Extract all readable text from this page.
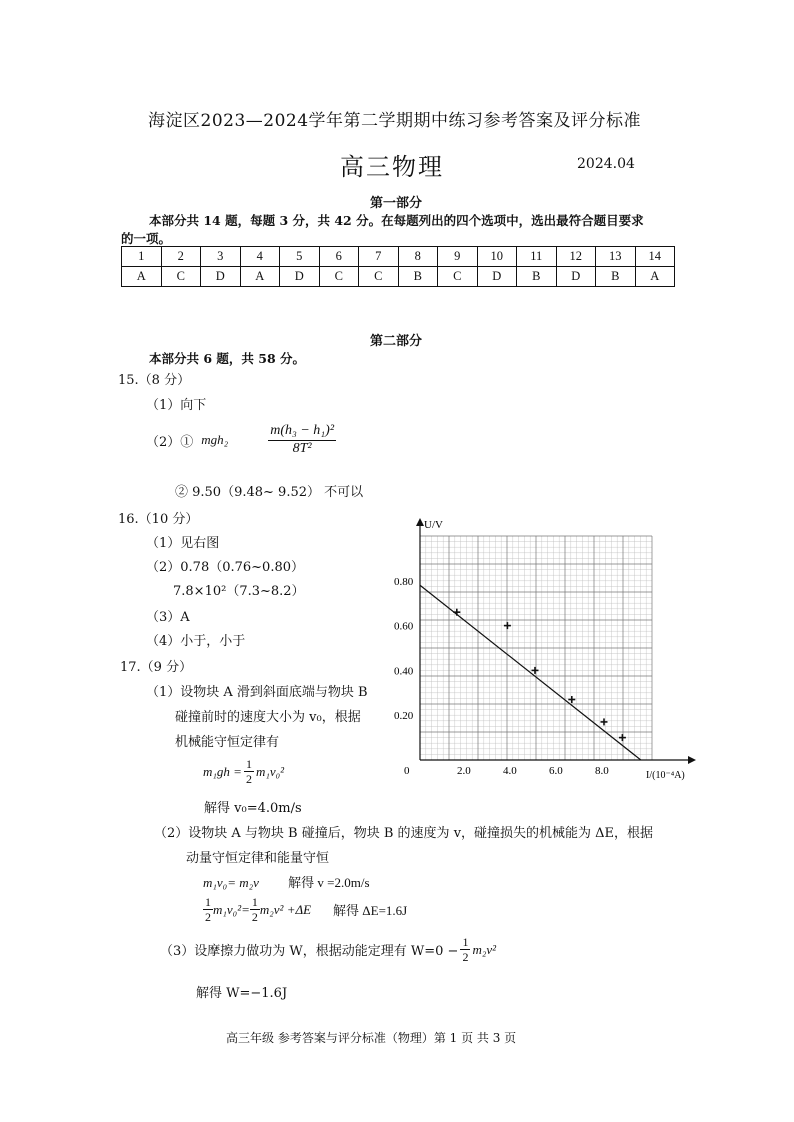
海淀区2023—2024学年第二学期期中练习参考答案及评分标准
高三物理	2024.04
第一部分
本部分共 14 题，每题 3 分，共 42 分。在每题列出的四个选项中，选出最符合题目要求
的一项。
1	2	3	4	5	6	7	8	9	10	11	12	13	14
A	C	D	A	D	C	C	B	C	D	B	D	B	A
第二部分
本部分共 6 题，共 58 分。
15.（8 分）
（1）向下
（2）① mgh₂	$\frac{\text{m(h₃ − h₁)²}}{\text{8T²}}$
② 9.50（9.48~ 9.52） 不可以
16.（10 分）
（1）见右图
（2）0.78（0.76~0.80）
7.8×10²（7.3~8.2）
（3）A
（4）小于，小于
17.（9 分）
（1）设物块 A 滑到斜面底端与物块 B
碰撞前时的速度大小为 v₀，根据
机械能守恒定律有
$m_1gh = \frac{1}{2} m_1v_0^2$
解得 v₀=4.0m/s
（2）设物块 A 与物块 B 碰撞后，物块 B 的速度为 v，碰撞损失的机械能为 ΔE，根据
动量守恒定律和能量守恒
m₁v₀= m₂v 解得 v =2.0m/s
$\frac{1}{2} m_1v_0^2= \frac{1}{2} m_2v^2 +\Delta E$ 解得 ΔE=1.6J
（3）设摩擦力做功为 W，根据动能定理有 $W=0 - \frac{1}{2} m_2v^2$
解得 W=−1.6J
高三年级 参考答案与评分标准（物理）第 1 页 共 3 页
U/V
I/(10⁻⁴A)
0	2.0	4.0	6.0	8.0
0.20
0.40
0.60
0.80
